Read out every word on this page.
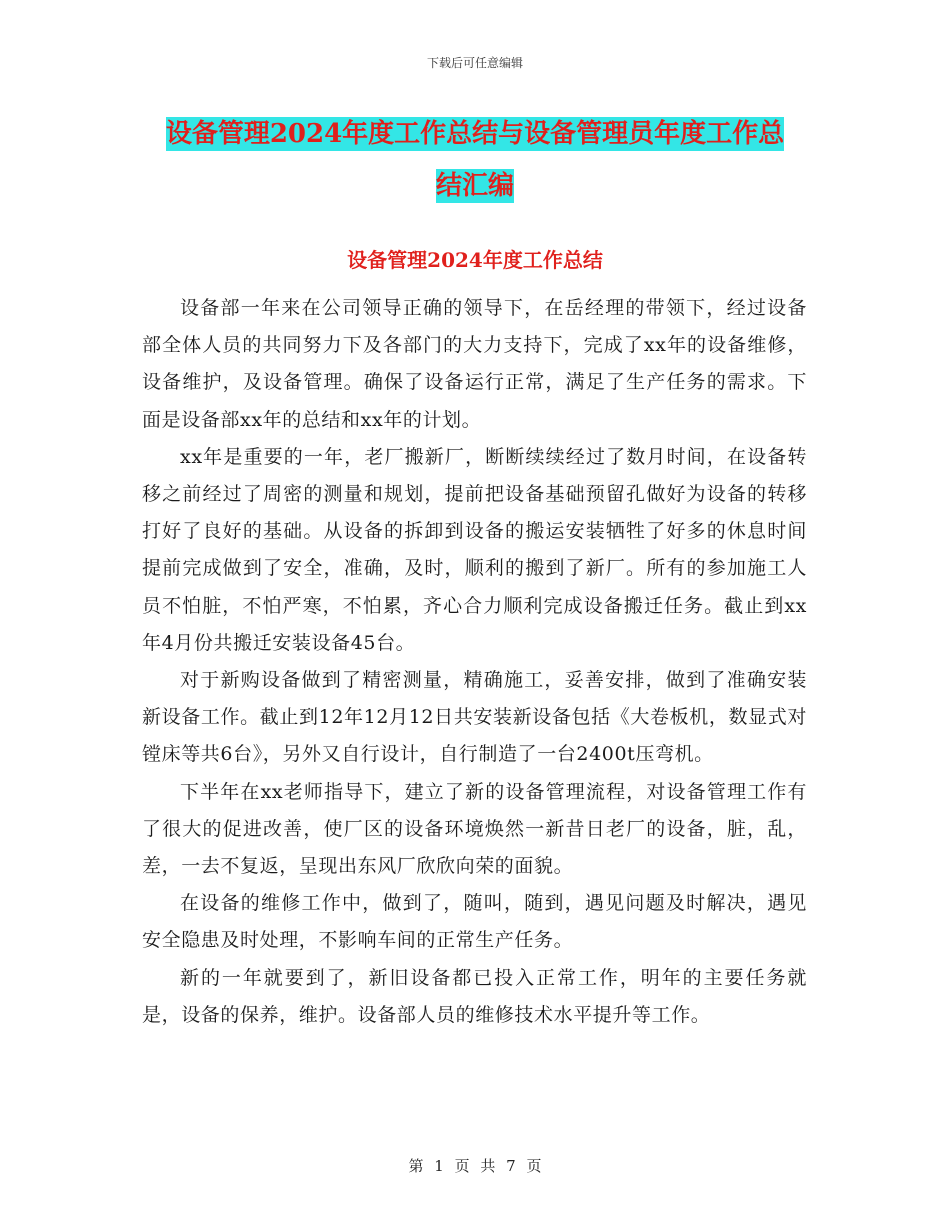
下载后可任意编辑
设备管理2024年度工作总结与设备管理员年度工作总
结汇编
设备管理2024年度工作总结

设备部一年来在公司领导正确的领导下，在岳经理的带领下，经过设备部全体人员的共同努力下及各部门的大力支持下，完成了xx年的设备维修，设备维护，及设备管理。确保了设备运行正常，满足了生产任务的需求。下面是设备部xx年的总结和xx年的计划。

xx年是重要的一年，老厂搬新厂，断断续续经过了数月时间，在设备转移之前经过了周密的测量和规划，提前把设备基础预留孔做好为设备的转移打好了良好的基础。从设备的拆卸到设备的搬运安装牺牲了好多的休息时间提前完成做到了安全，准确，及时，顺利的搬到了新厂。所有的参加施工人员不怕脏，不怕严寒，不怕累，齐心合力顺利完成设备搬迁任务。截止到xx年4月份共搬迁安装设备45台。

对于新购设备做到了精密测量，精确施工，妥善安排，做到了准确安装新设备工作。截止到12年12月12日共安装新设备包括《大卷板机，数显式对镗床等共6台》，另外又自行设计，自行制造了一台2400t压弯机。

下半年在xx老师指导下，建立了新的设备管理流程，对设备管理工作有了很大的促进改善，使厂区的设备环境焕然一新昔日老厂的设备，脏，乱，差，一去不复返，呈现出东风厂欣欣向荣的面貌。

在设备的维修工作中，做到了，随叫，随到，遇见问题及时解决，遇见安全隐患及时处理，不影响车间的正常生产任务。

新的一年就要到了，新旧设备都已投入正常工作，明年的主要任务就是，设备的保养，维护。设备部人员的维修技术水平提升等工作。

第 1 页 共 7 页
